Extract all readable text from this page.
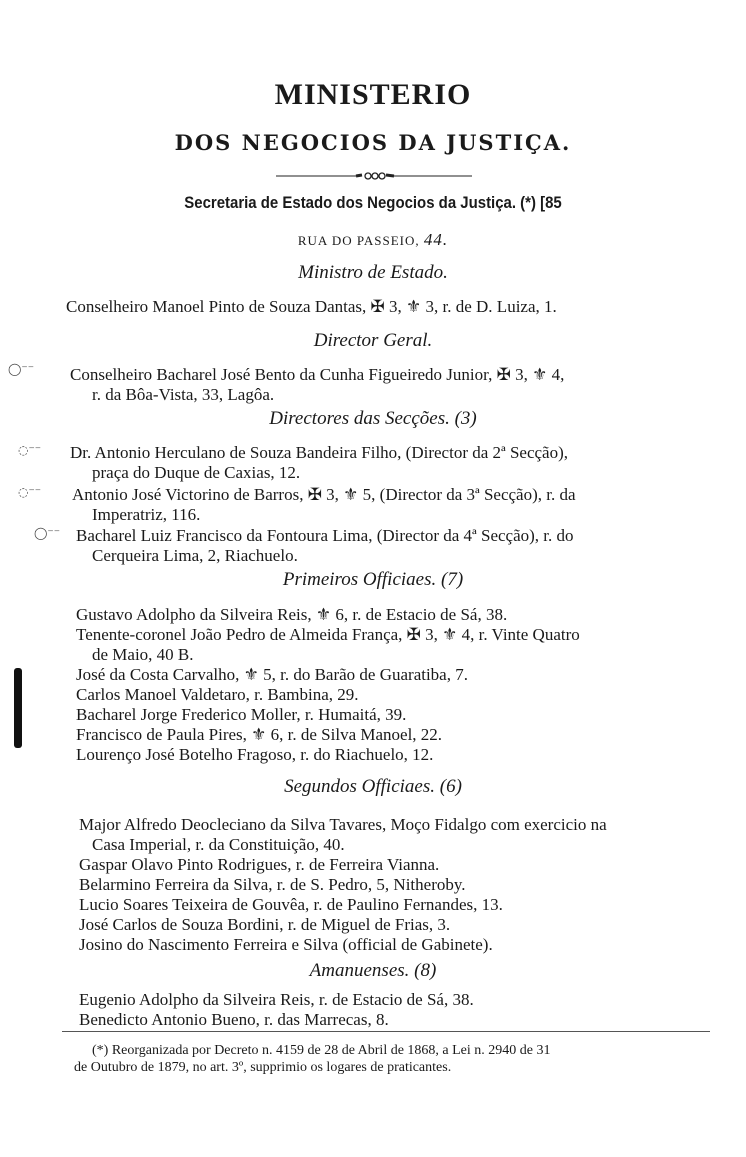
MINISTERIO
DOS NEGOCIOS DA JUSTIÇA.
Secretaria de Estado dos Negocios da Justiça. (*) [85
RUA DO PASSEIO, 44.
Ministro de Estado.
Conselheiro Manoel Pinto de Souza Dantas, ✠ 3, ⚜ 3, r. de D. Luiza, 1.
Director Geral.
◯⁻⁻ Conselheiro Bacharel José Bento da Cunha Figueiredo Junior, ✠ 3, ⚜ 4,
r. da Bôa-Vista, 33, Lagôa.
Directores das Secções. (3)
◌⁻⁻ Dr. Antonio Herculano de Souza Bandeira Filho, (Director da 2ª Secção),
praça do Duque de Caxias, 12.
◌⁻⁻ Antonio José Victorino de Barros, ✠ 3, ⚜ 5, (Director da 3ª Secção), r. da
Imperatriz, 116.
◯⁻⁻ Bacharel Luiz Francisco da Fontoura Lima, (Director da 4ª Secção), r. do
Cerqueira Lima, 2, Riachuelo.
Primeiros Officiaes. (7)
Gustavo Adolpho da Silveira Reis, ⚜ 6, r. de Estacio de Sá, 38.
Tenente-coronel João Pedro de Almeida França, ✠ 3, ⚜ 4, r. Vinte Quatro
de Maio, 40 B.
José da Costa Carvalho, ⚜ 5, r. do Barão de Guaratiba, 7.
Carlos Manoel Valdetaro, r. Bambina, 29.
Bacharel Jorge Frederico Moller, r. Humaitá, 39.
Francisco de Paula Pires, ⚜ 6, r. de Silva Manoel, 22.
Lourenço José Botelho Fragoso, r. do Riachuelo, 12.
Segundos Officiaes. (6)
Major Alfredo Deocleciano da Silva Tavares, Moço Fidalgo com exercicio na
Casa Imperial, r. da Constituição, 40.
Gaspar Olavo Pinto Rodrigues, r. de Ferreira Vianna.
Belarmino Ferreira da Silva, r. de S. Pedro, 5, Nitheroby.
Lucio Soares Teixeira de Gouvêa, r. de Paulino Fernandes, 13.
José Carlos de Souza Bordini, r. de Miguel de Frias, 3.
Josino do Nascimento Ferreira e Silva (official de Gabinete).
Amanuenses. (8)
Eugenio Adolpho da Silveira Reis, r. de Estacio de Sá, 38.
Benedicto Antonio Bueno, r. das Marrecas, 8.
(*) Reorganizada por Decreto n. 4159 de 28 de Abril de 1868, a Lei n. 2940 de 31
de Outubro de 1879, no art. 3º, supprimio os logares de praticantes.
